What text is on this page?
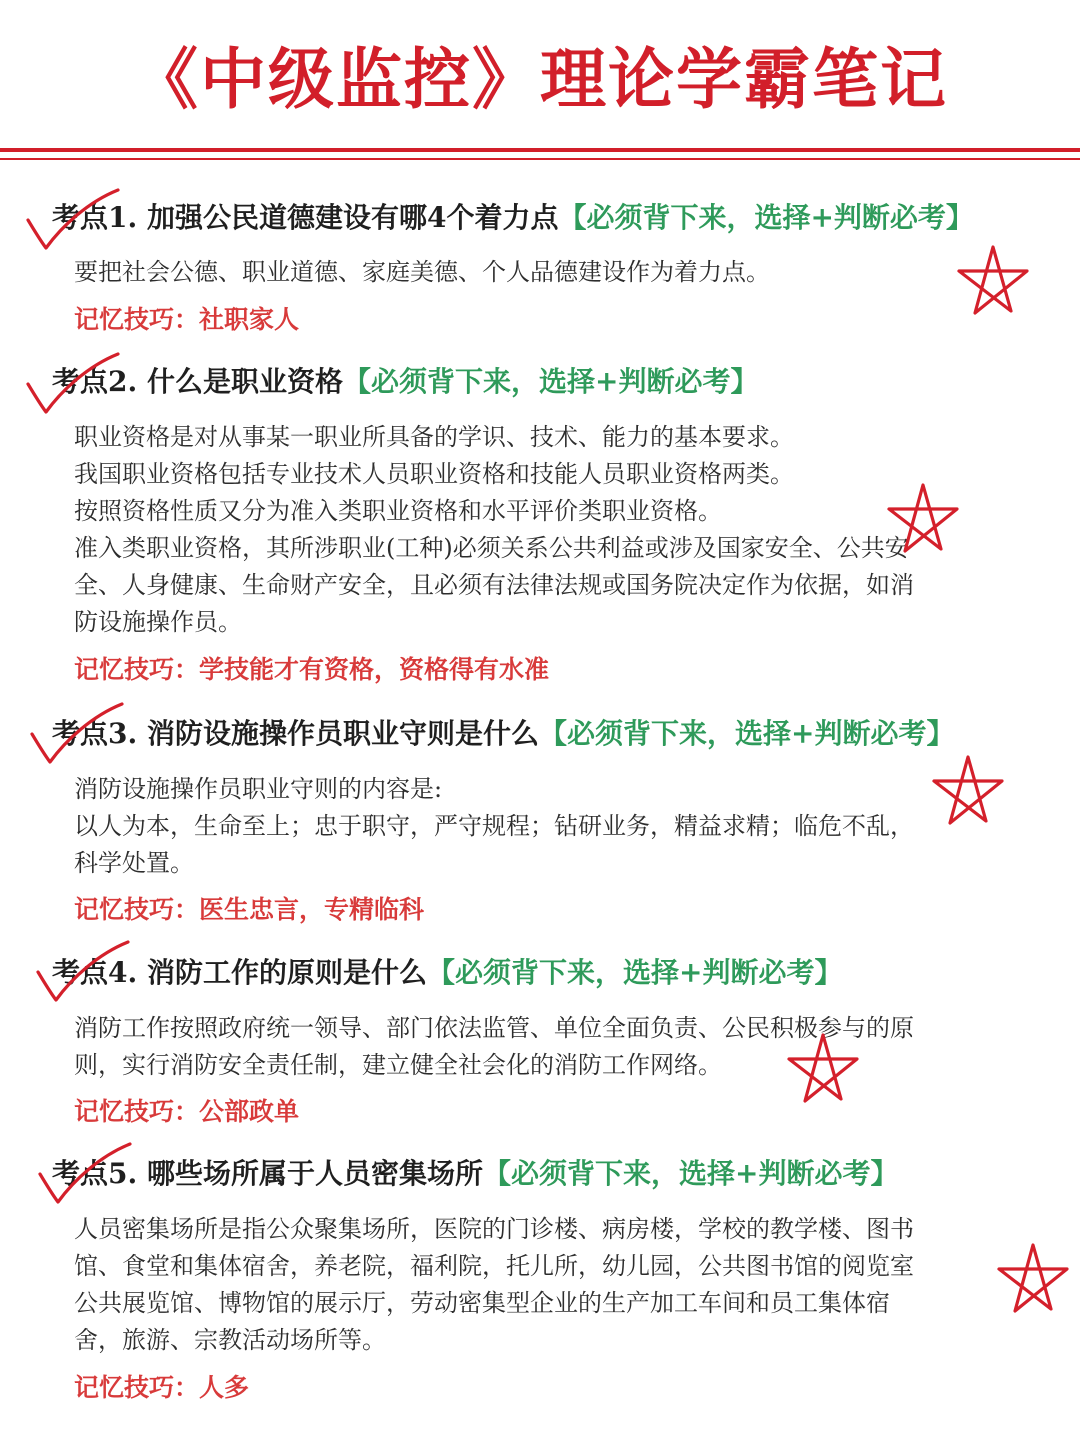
《中级监控》理论学霸笔记
考点1. 加强公民道德建设有哪4个着力点【必须背下来，选择+判断必考】

要把社会公德、职业道德、家庭美德、个人品德建设作为着力点。

记忆技巧：社职家人
考点2. 什么是职业资格【必须背下来，选择+判断必考】

职业资格是对从事某一职业所具备的学识、技术、能力的基本要求。

我国职业资格包括专业技术人员职业资格和技能人员职业资格两类。

按照资格性质又分为准入类职业资格和水平评价类职业资格。

准入类职业资格，其所涉职业(工种)必须关系公共利益或涉及国家安全、公共安

全、人身健康、生命财产安全，且必须有法律法规或国务院决定作为依据，如消

防设施操作员。

记忆技巧：学技能才有资格，资格得有水准
考点3. 消防设施操作员职业守则是什么【必须背下来，选择+判断必考】

消防设施操作员职业守则的内容是:

以人为本，生命至上；忠于职守，严守规程；钻研业务，精益求精；临危不乱，

科学处置。

记忆技巧：医生忠言，专精临科
考点4. 消防工作的原则是什么【必须背下来，选择+判断必考】

消防工作按照政府统一领导、部门依法监管、单位全面负责、公民积极参与的原

则，实行消防安全责任制，建立健全社会化的消防工作网络。

记忆技巧：公部政单
考点5. 哪些场所属于人员密集场所【必须背下来，选择+判断必考】

人员密集场所是指公众聚集场所，医院的门诊楼、病房楼，学校的教学楼、图书

馆、食堂和集体宿舍，养老院，福利院，托儿所，幼儿园，公共图书馆的阅览室

公共展览馆、博物馆的展示厅，劳动密集型企业的生产加工车间和员工集体宿

舍，旅游、宗教活动场所等。

记忆技巧：人多
